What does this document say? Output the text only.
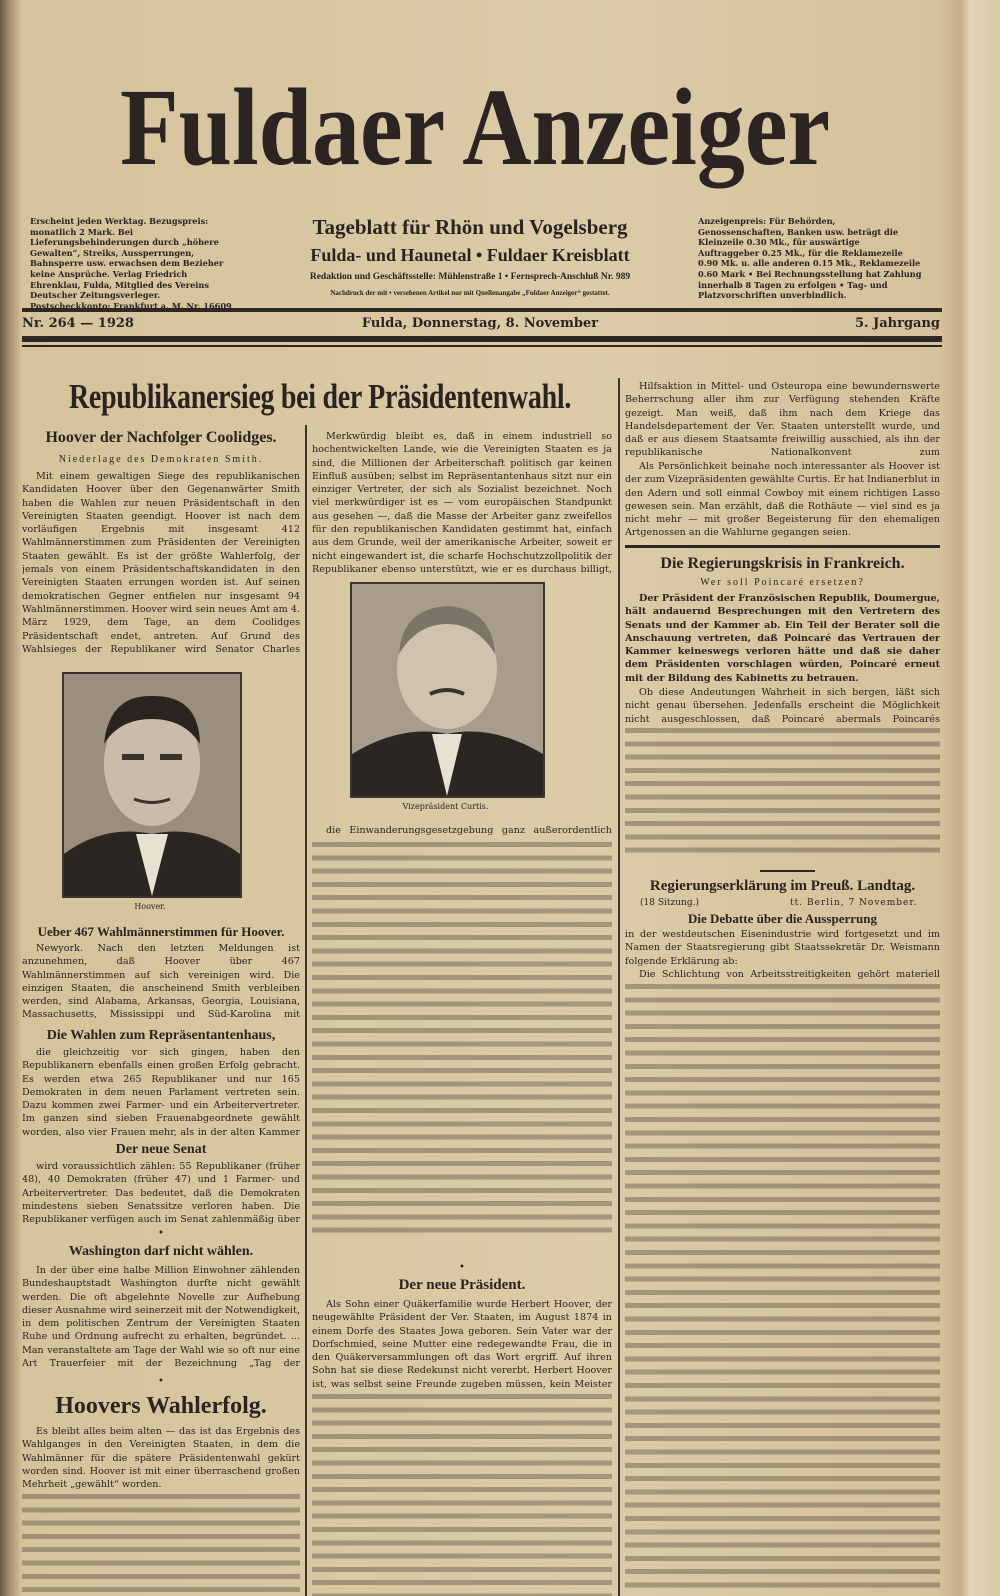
Fuldaer Anzeiger
Erscheint jeden Werktag. Bezugspreis: monatlich 2 Mark. Bei Lieferungsbehinderungen durch „höhere Gewalten“, Streiks, Aussperrungen, Bahnsperre usw. erwachsen dem Bezieher keine Ansprüche. Verlag Friedrich Ehrenklau, Fulda, Mitglied des Vereins Deutscher Zeitungsverleger. Postscheckkonto: Frankfurt a. M. Nr. 16609
Tageblatt für Rhön und Vogelsberg
Fulda- und Haunetal • Fuldaer Kreisblatt
Redaktion und Geschäftsstelle: Mühlenstraße 1 • Fernsprech-Anschluß Nr. 989
Nachdruck der mit • versehenen Artikel nur mit Quellenangabe „Fuldaer Anzeiger“ gestattet.
Anzeigenpreis: Für Behörden, Genossenschaften, Banken usw. beträgt die Kleinzeile 0.30 Mk., für auswärtige Auftraggeber 0.25 Mk., für die Reklamezeile 0.90 Mk. u. alle anderen 0.15 Mk., Reklamezeile 0.60 Mark • Bei Rechnungsstellung hat Zahlung innerhalb 8 Tagen zu erfolgen • Tag- und Platzvorschriften unverbindlich.
Nr. 264 — 1928	Fulda, Donnerstag, 8. November	5. Jahrgang
Republikanersieg bei der Präsidentenwahl.
Hoover der Nachfolger Coolidges.
Niederlage des Demokraten Smith.
Mit einem gewaltigen Siege des republikanischen Kandidaten Hoover über den Gegenanwärter Smith haben die Wahlen zur neuen Präsidentschaft in den Vereinigten Staaten geendigt. Hoover ist nach dem vorläufigen Ergebnis mit insgesamt 412 Wahlmännerstimmen zum Präsidenten der Vereinigten Staaten gewählt. Es ist der größte Wahlerfolg, der jemals von einem Präsidentschaftskandidaten in den Vereinigten Staaten errungen worden ist. Auf seinen demokratischen Gegner entfielen nur insgesamt 94 Wahlmännerstimmen. Hoover wird sein neues Amt am 4. März 1929, dem Tage, an dem Coolidges Präsidentschaft endet, antreten. Auf Grund des Wahlsieges der Republikaner wird Senator Charles
Hoover.
Ueber 467 Wahlmännerstimmen für Hoover.
Newyork. Nach den letzten Meldungen ist anzunehmen, daß Hoover über 467 Wahlmännerstimmen auf sich vereinigen wird. Die einzigen Staaten, die anscheinend Smith verbleiben werden, sind Alabama, Arkansas, Georgia, Louisiana, Massachusetts, Mississippi und Süd-Karolina mit
Die Wahlen zum Repräsentantenhaus,
die gleichzeitig vor sich gingen, haben den Republikanern ebenfalls einen großen Erfolg gebracht. Es werden etwa 265 Republikaner und nur 165 Demokraten in dem neuen Parlament vertreten sein. Dazu kommen zwei Farmer- und ein Arbeitervertreter. Im ganzen sind sieben Frauenabgeordnete gewählt worden, also vier Frauen mehr, als in der alten Kammer
Der neue Senat
wird voraussichtlich zählen: 55 Republikaner (früher 48), 40 Demokraten (früher 47) und 1 Farmer- und Arbeitervertreter. Das bedeutet, daß die Demokraten mindestens sieben Senatssitze verloren haben. Die Republikaner verfügen auch im Senat zahlenmäßig über
•
Washington darf nicht wählen.
In der über eine halbe Million Einwohner zählenden Bundeshauptstadt Washington durfte nicht gewählt werden. Die oft abgelehnte Novelle zur Aufhebung dieser Ausnahme wird seinerzeit mit der Notwendigkeit, in dem politischen Zentrum der Vereinigten Staaten Ruhe und Ordnung aufrecht zu erhalten, begründet. ... Man veranstaltete am Tage der Wahl wie so oft nur eine Art Trauerfeier mit der Bezeichnung „Tag der
•
Hoovers Wahlerfolg.
Es bleibt alles beim alten — das ist das Ergebnis des Wahlganges in den Vereinigten Staaten, in dem die Wahlmänner für die spätere Präsidentenwahl gekürt worden sind. Hoover ist mit einer überraschend großen Mehrheit „gewählt“ worden.
Merkwürdig bleibt es, daß in einem industriell so hochentwickelten Lande, wie die Vereinigten Staaten es ja sind, die Millionen der Arbeiterschaft politisch gar keinen Einfluß ausüben; selbst im Repräsentantenhaus sitzt nur ein einziger Vertreter, der sich als Sozialist bezeichnet. Noch viel merkwürdiger ist es — vom europäischen Standpunkt aus gesehen —, daß die Masse der Arbeiter ganz zweifellos für den republikanischen Kandidaten gestimmt hat, einfach aus dem Grunde, weil der amerikanische Arbeiter, soweit er nicht eingewandert ist, die scharfe Hochschutzzollpolitik der Republikaner ebenso unterstützt, wie er es durchaus billigt,
Vizepräsident Curtis.
die Einwanderungsgesetzgebung ganz außerordentlich
•
Der neue Präsident.
Als Sohn einer Quäkerfamilie wurde Herbert Hoover, der neugewählte Präsident der Ver. Staaten, im August 1874 in einem Dorfe des Staates Jowa geboren. Sein Vater war der Dorfschmied, seine Mutter eine redegewandte Frau, die in den Quäkerversammlungen oft das Wort ergriff. Auf ihren Sohn hat sie diese Redekunst nicht vererbt. Herbert Hoover ist, was selbst seine Freunde zugeben müssen, kein Meister
Hilfsaktion in Mittel- und Osteuropa eine bewundernswerte Beherrschung aller ihm zur Verfügung stehenden Kräfte gezeigt. Man weiß, daß ihm nach dem Kriege das Handelsdepartement der Ver. Staaten unterstellt wurde, und daß er aus diesem Staatsamte freiwillig ausschied, als ihn der republikanische Nationalkonvent zum
Als Persönlichkeit beinahe noch interessanter als Hoover ist der zum Vizepräsidenten gewählte Curtis. Er hat Indianerblut in den Adern und soll einmal Cowboy mit einem richtigen Lasso gewesen sein. Man erzählt, daß die Rothäute — viel sind es ja nicht mehr — mit großer Begeisterung für den ehemaligen Artgenossen an die Wahlurne gegangen seien.
Die Regierungskrisis in Frankreich.
Wer soll Poincaré ersetzen?
Der Präsident der Französischen Republik, Doumergue, hält andauernd Besprechungen mit den Vertretern des Senats und der Kammer ab. Ein Teil der Berater soll die Anschauung vertreten, daß Poincaré das Vertrauen der Kammer keineswegs verloren hätte und daß sie daher dem Präsidenten vorschlagen würden, Poincaré erneut mit der Bildung des Kabinetts zu betrauen.
Ob diese Andeutungen Wahrheit in sich bergen, läßt sich nicht genau übersehen. Jedenfalls erscheint die Möglichkeit nicht ausgeschlossen, daß Poincaré abermals Poincarés
Regierungserklärung im Preuß. Landtag.
(18 Sitzung.)	tt. Berlin, 7 November.
Die Debatte über die Aussperrung
in der westdeutschen Eisenindustrie wird fortgesetzt und im Namen der Staatsregierung gibt Staatssekretär Dr. Weismann folgende Erklärung ab:
Die Schlichtung von Arbeitsstreitigkeiten gehört materiell
